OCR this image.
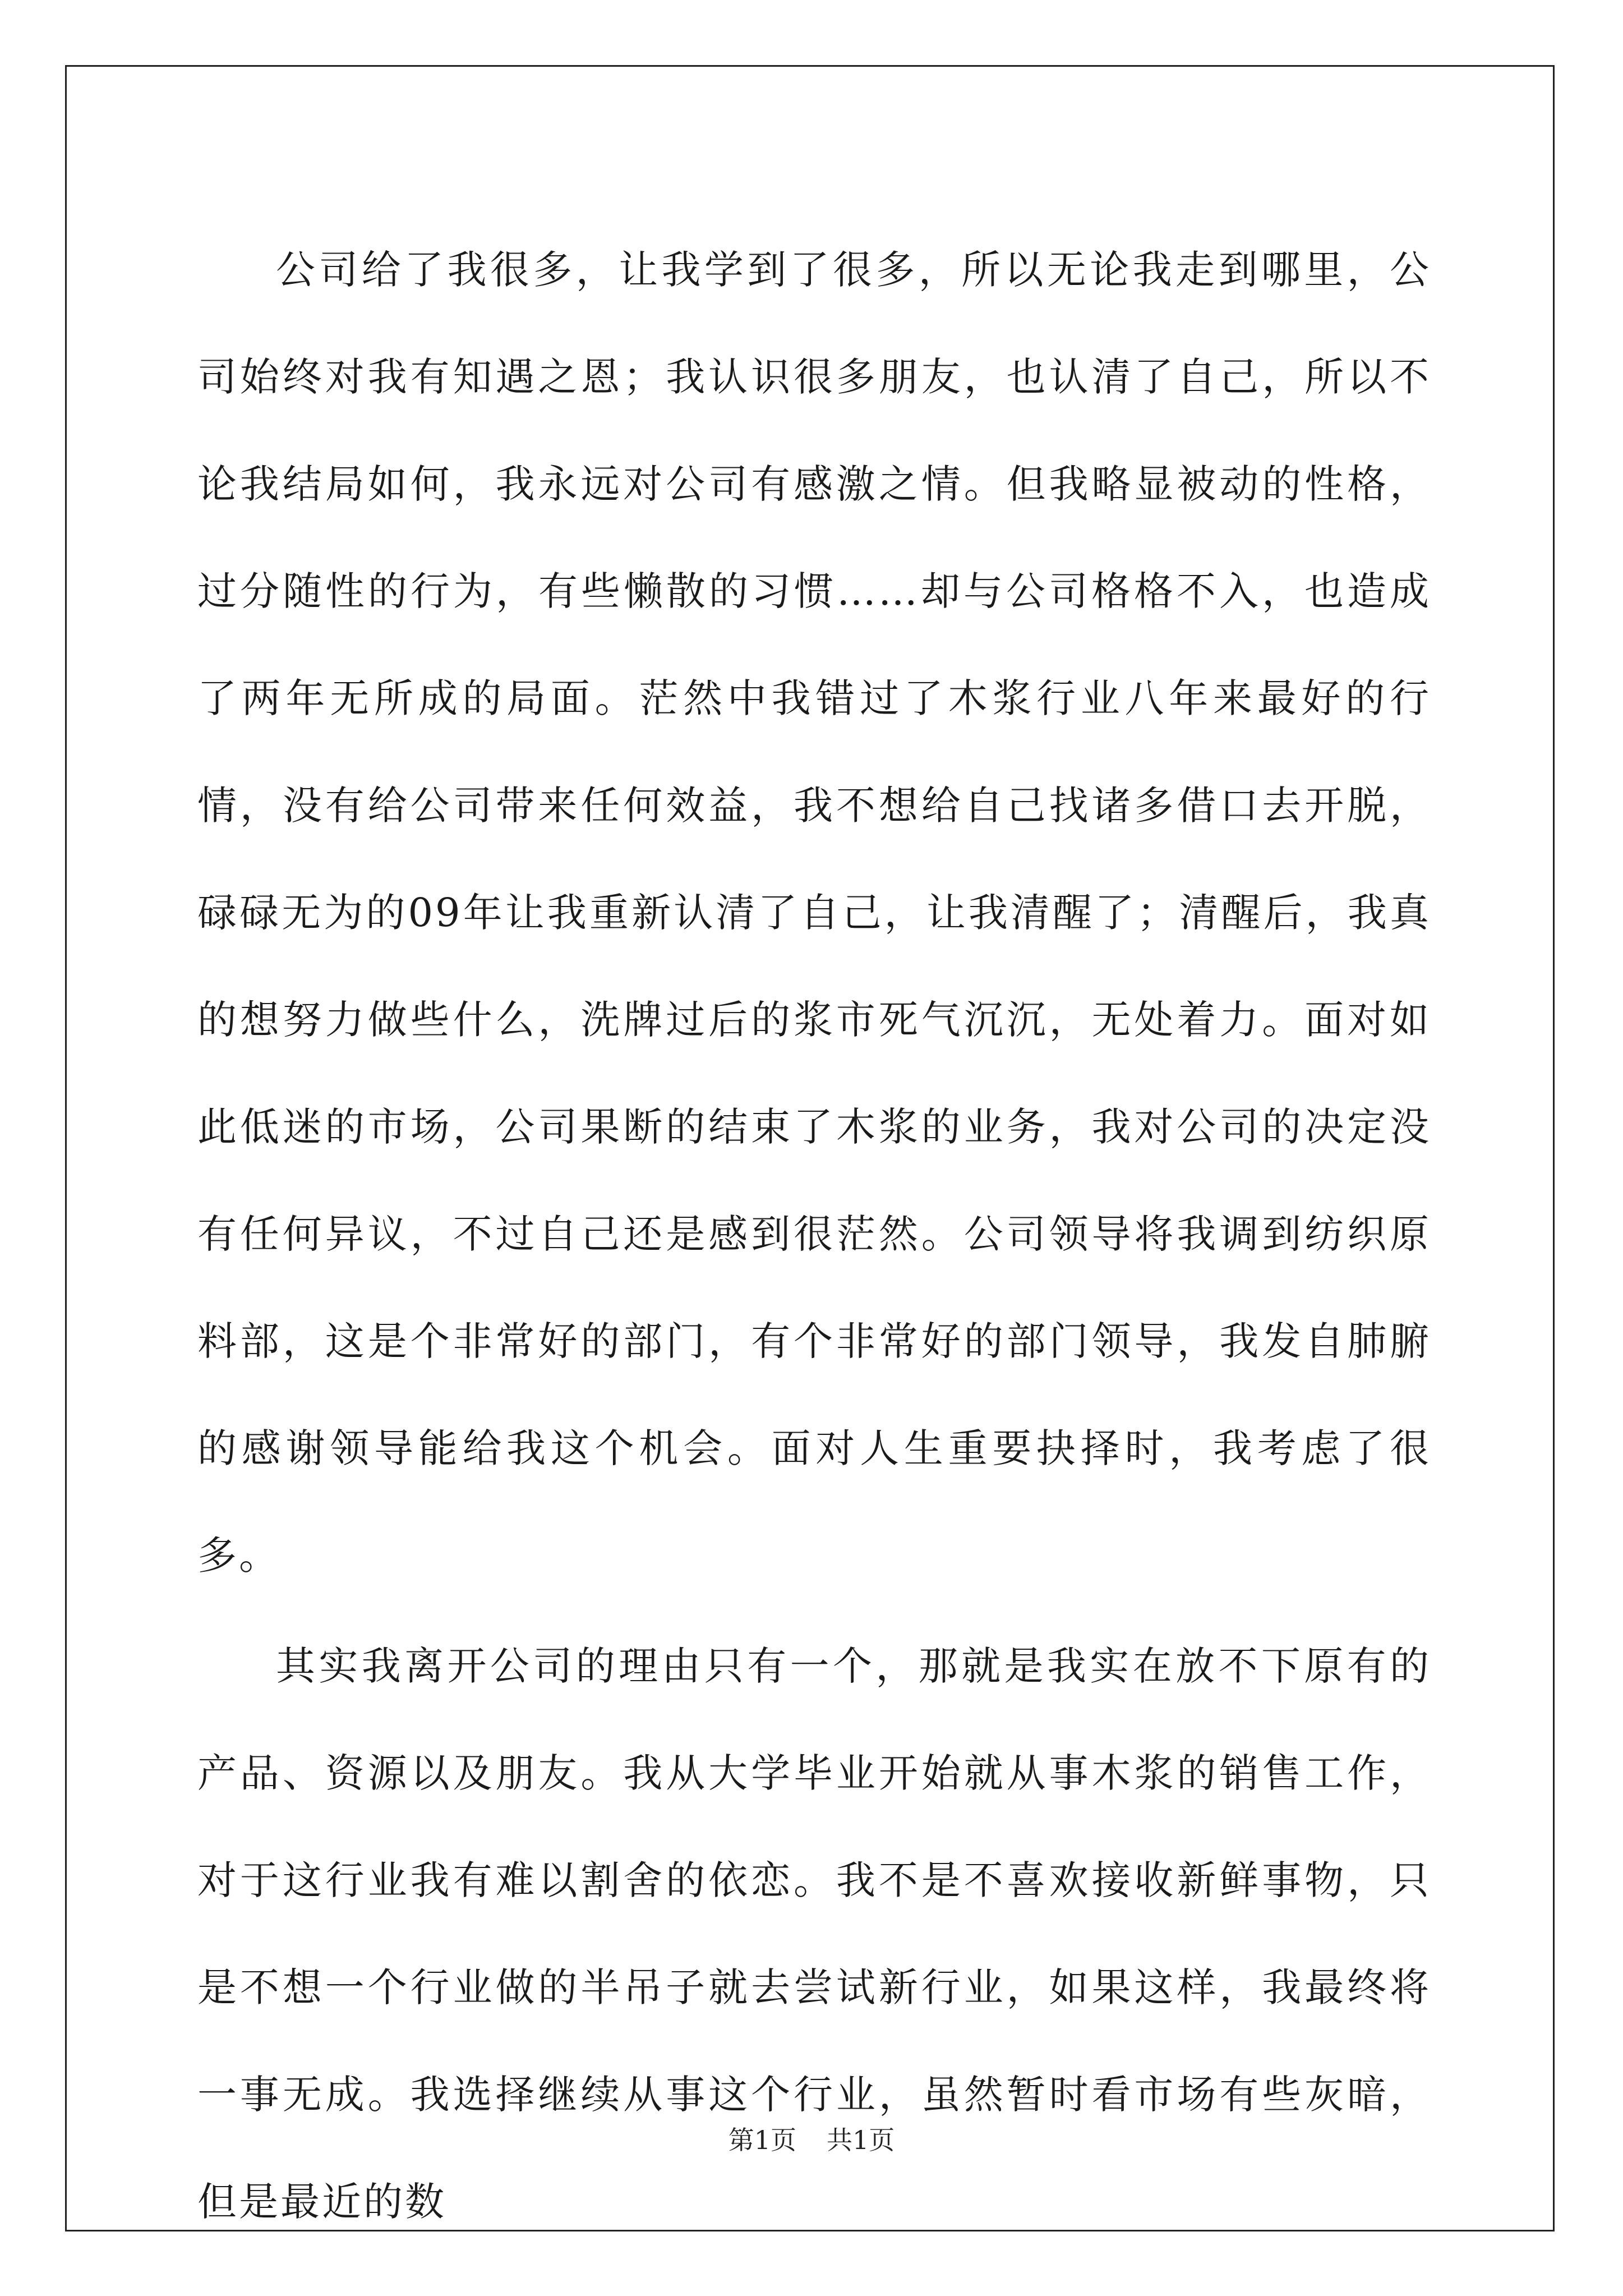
公司给了我很多，让我学到了很多，所以无论我走到哪里，公司始终对我有知遇之恩；我认识很多朋友，也认清了自己，所以不论我结局如何，我永远对公司有感激之情。但我略显被动的性格，过分随性的行为，有些懒散的习惯……却与公司格格不入，也造成了两年无所成的局面。茫然中我错过了木浆行业八年来最好的行情，没有给公司带来任何效益，我不想给自己找诸多借口去开脱，碌碌无为的09年让我重新认清了自己，让我清醒了；清醒后，我真的想努力做些什么，洗牌过后的浆市死气沉沉，无处着力。面对如此低迷的市场，公司果断的结束了木浆的业务，我对公司的决定没有任何异议，不过自己还是感到很茫然。公司领导将我调到纺织原料部，这是个非常好的部门，有个非常好的部门领导，我发自肺腑的感谢领导能给我这个机会。面对人生重要抉择时，我考虑了很多。

其实我离开公司的理由只有一个，那就是我实在放不下原有的产品、资源以及朋友。我从大学毕业开始就从事木浆的销售工作，对于这行业我有难以割舍的依恋。我不是不喜欢接收新鲜事物，只是不想一个行业做的半吊子就去尝试新行业，如果这样，我最终将一事无成。我选择继续从事这个行业，虽然暂时看市场有些灰暗，但是最近的数

第1页 共1页
